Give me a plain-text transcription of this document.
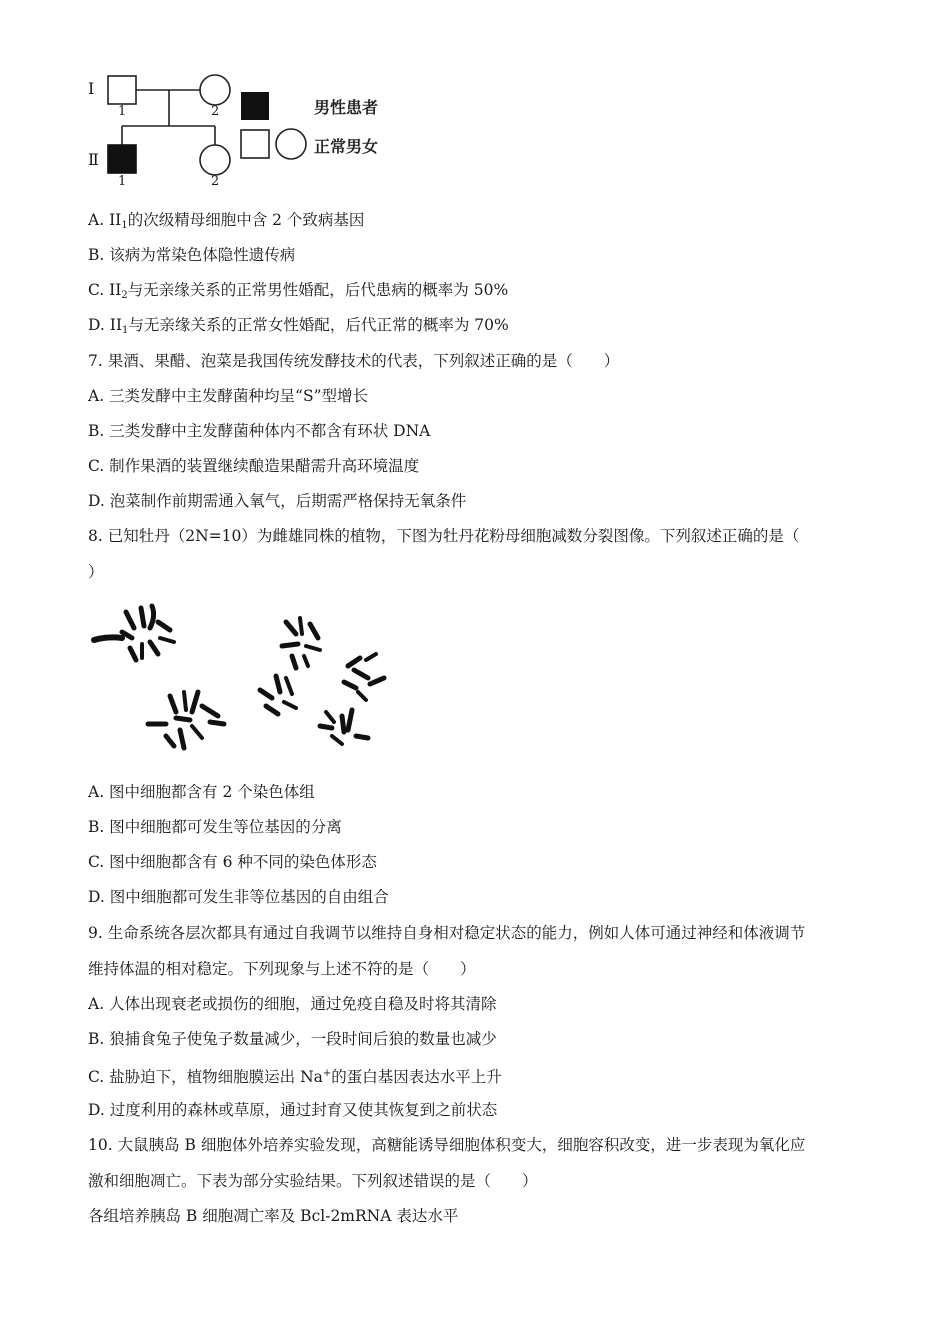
Ⅰ
Ⅱ
1	2
1	2
男性患者
正常男女
A. $II_1$的次级精母细胞中含 2 个致病基因
B. 该病为常染色体隐性遗传病
C. $II_2$与无亲缘关系的正常男性婚配，后代患病的概率为 50%
D. $II_1$与无亲缘关系的正常女性婚配，后代正常的概率为 70%
7. 果酒、果醋、泡菜是我国传统发酵技术的代表，下列叙述正确的是（　　）
A. 三类发酵中主发酵菌种均呈“S”型增长
B. 三类发酵中主发酵菌种体内不都含有环状 DNA
C. 制作果酒的装置继续酿造果醋需升高环境温度
D. 泡菜制作前期需通入氧气，后期需严格保持无氧条件
8. 已知牡丹（2N=10）为雌雄同株的植物，下图为牡丹花粉母细胞减数分裂图像。下列叙述正确的是（
）
A. 图中细胞都含有 2 个染色体组
B. 图中细胞都可发生等位基因的分离
C. 图中细胞都含有 6 种不同的染色体形态
D. 图中细胞都可发生非等位基因的自由组合
9. 生命系统各层次都具有通过自我调节以维持自身相对稳定状态的能力，例如人体可通过神经和体液调节
维持体温的相对稳定。下列现象与上述不符的是（　　）
A. 人体出现衰老或损伤的细胞，通过免疫自稳及时将其清除
B. 狼捕食兔子使兔子数量减少，一段时间后狼的数量也减少
C. 盐胁迫下，植物细胞膜运出 Na+的蛋白基因表达水平上升
D. 过度利用的森林或草原，通过封育又使其恢复到之前状态
10. 大鼠胰岛 B 细胞体外培养实验发现，高糖能诱导细胞体积变大，细胞容积改变，进一步表现为氧化应
激和细胞凋亡。下表为部分实验结果。下列叙述错误的是（　　）
各组培养胰岛 B 细胞凋亡率及 Bcl-2mRNA 表达水平
